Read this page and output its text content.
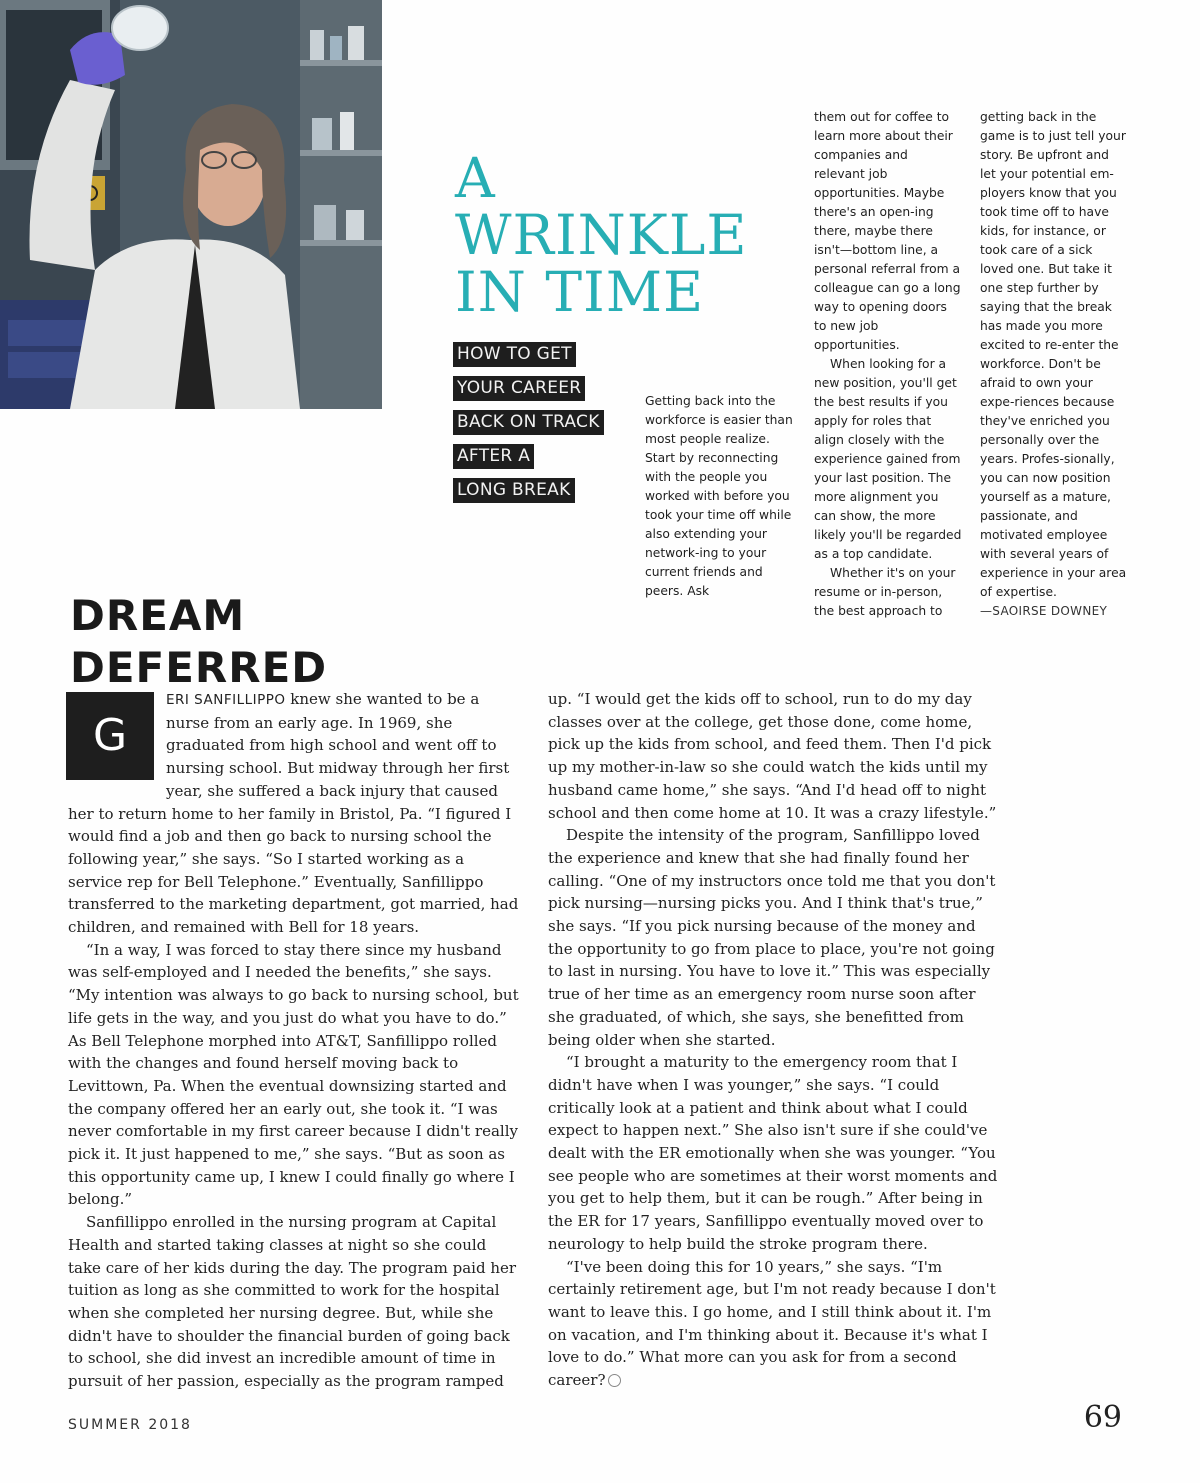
A
WRINKLE
IN TIME
HOW TO GET
YOUR CAREER
BACK ON TRACK
AFTER A
LONG BREAK

Getting back into the workforce is easier than most people realize. Start by reconnecting with the people you worked with before you took your time off while also extending your network-ing to your current friends and peers. Ask

them out for coffee to learn more about their companies and relevant job opportunities. Maybe there's an open-ing there, maybe there isn't—bottom line, a personal referral from a colleague can go a long way to opening doors to new job opportunities.

When looking for a new position, you'll get the best results if you apply for roles that align closely with the experience gained from your last position. The more alignment you can show, the more likely you'll be regarded as a top candidate.

Whether it's on your resume or in-person, the best approach to

getting back in the game is to just tell your story. Be upfront and let your potential em-ployers know that you took time off to have kids, for instance, or took care of a sick loved one. But take it one step further by saying that the break has made you more excited to re-enter the workforce. Don't be afraid to own your expe-riences because they've enriched you personally over the years. Profes-sionally, you can now position yourself as a mature, passionate, and motivated employee with several years of experience in your area of expertise.

—SAOIRSE DOWNEY

DREAM
DEFERRED

G
ERI SANFILLIPPO knew she wanted to be a nurse from an early age. In 1969, she graduated from high school and went off to nursing school. But midway through her first year, she suffered a back injury that caused her to return home to her family in Bristol, Pa. “I figured I would find a job and then go back to nursing school the following year,” she says. “So I started working as a service rep for Bell Telephone.” Eventually, Sanfillippo transferred to the marketing department, got married, had children, and remained with Bell for 18 years.

“In a way, I was forced to stay there since my husband was self-employed and I needed the benefits,” she says. “My intention was always to go back to nursing school, but life gets in the way, and you just do what you have to do.” As Bell Telephone morphed into AT&T, Sanfillippo rolled with the changes and found herself moving back to Levittown, Pa. When the eventual downsizing started and the company offered her an early out, she took it. “I was never comfortable in my first career because I didn't really pick it. It just happened to me,” she says. “But as soon as this opportunity came up, I knew I could finally go where I belong.”

Sanfillippo enrolled in the nursing program at Capital Health and started taking classes at night so she could take care of her kids during the day. The program paid her tuition as long as she committed to work for the hospital when she completed her nursing degree. But, while she didn't have to shoulder the financial burden of going back to school, she did invest an incredible amount of time in pursuit of her passion, especially as the program ramped

up. “I would get the kids off to school, run to do my day classes over at the college, get those done, come home, pick up the kids from school, and feed them. Then I'd pick up my mother-in-law so she could watch the kids until my husband came home,” she says. “And I'd head off to night school and then come home at 10. It was a crazy lifestyle.”

Despite the intensity of the program, Sanfillippo loved the experience and knew that she had finally found her calling. “One of my instructors once told me that you don't pick nursing—nursing picks you. And I think that's true,” she says. “If you pick nursing because of the money and the opportunity to go from place to place, you're not going to last in nursing. You have to love it.” This was especially true of her time as an emergency room nurse soon after she graduated, of which, she says, she benefitted from being older when she started.

“I brought a maturity to the emergency room that I didn't have when I was younger,” she says. “I could critically look at a patient and think about what I could expect to happen next.” She also isn't sure if she could've dealt with the ER emotionally when she was younger. “You see people who are sometimes at their worst moments and you get to help them, but it can be rough.” After being in the ER for 17 years, Sanfillippo eventually moved over to neurology to help build the stroke program there.

“I've been doing this for 10 years,” she says. “I'm certainly retirement age, but I'm not ready because I don't want to leave this. I go home, and I still think about it. I'm on vacation, and I'm thinking about it. Because it's what I love to do.” What more can you ask for from a second career?

SUMMER 2018	69
